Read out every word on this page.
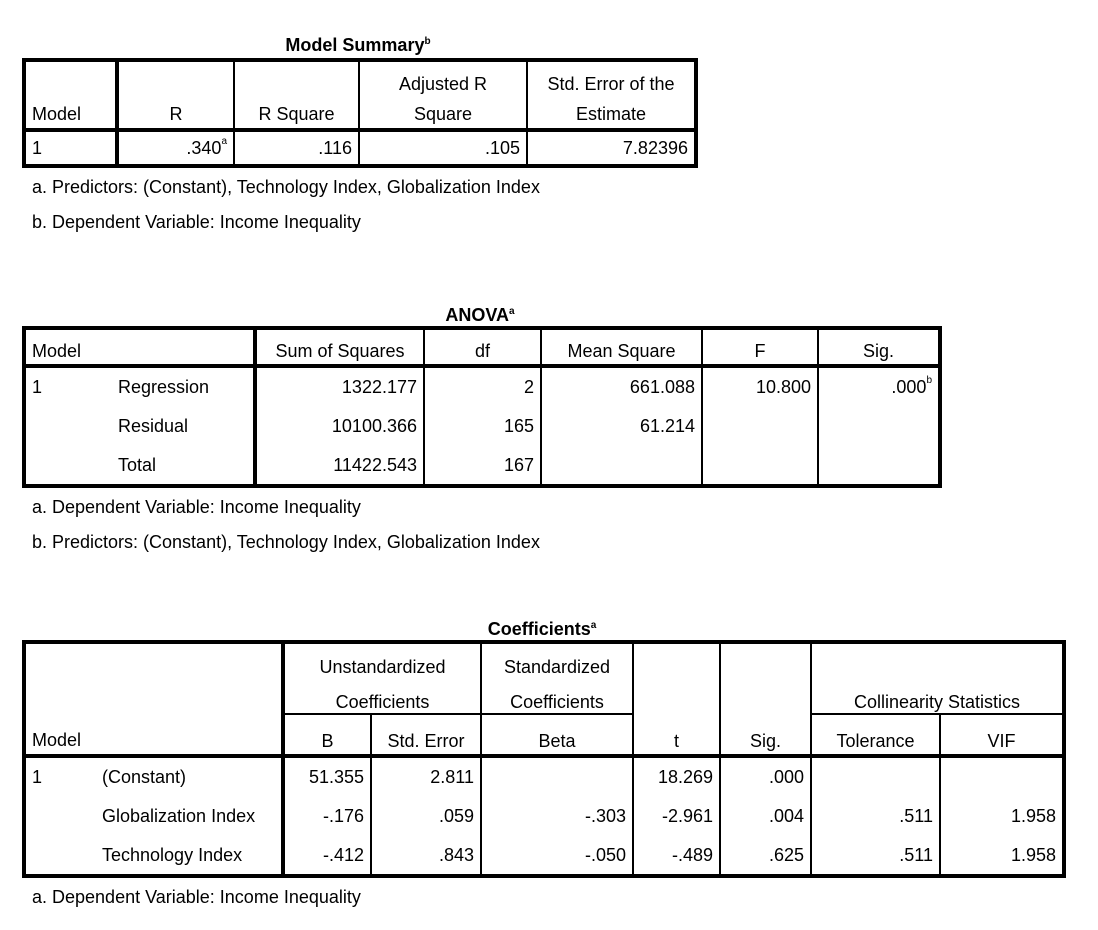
Model Summary$^b$
Model	R	R Square	Adjusted R	Std. Error of the
			Square	Estimate
1	.340$^a$	.116	.105	7.82396
a. Predictors: (Constant), Technology Index, Globalization Index
b. Dependent Variable: Income Inequality
ANOVA$^a$
Model		Sum of Squares	df	Mean Square	F	Sig.
1	Regression	1322.177	2	661.088	10.800	.000$^b$
	Residual	10100.366	165	61.214		
	Total	11422.543	167			
a. Dependent Variable: Income Inequality
b. Predictors: (Constant), Technology Index, Globalization Index
Coefficients$^a$
Model		Unstandardized		Standardized			Collinearity Statistics	
		Coefficients		Coefficients				
		B	Std. Error	Beta	t	Sig.	Tolerance	VIF
1	(Constant)	51.355	2.811		18.269	.000		
	Globalization Index	-.176	.059	-.303	-2.961	.004	.511	1.958
	Technology Index	-.412	.843	-.050	-.489	.625	.511	1.958
a. Dependent Variable: Income Inequality
